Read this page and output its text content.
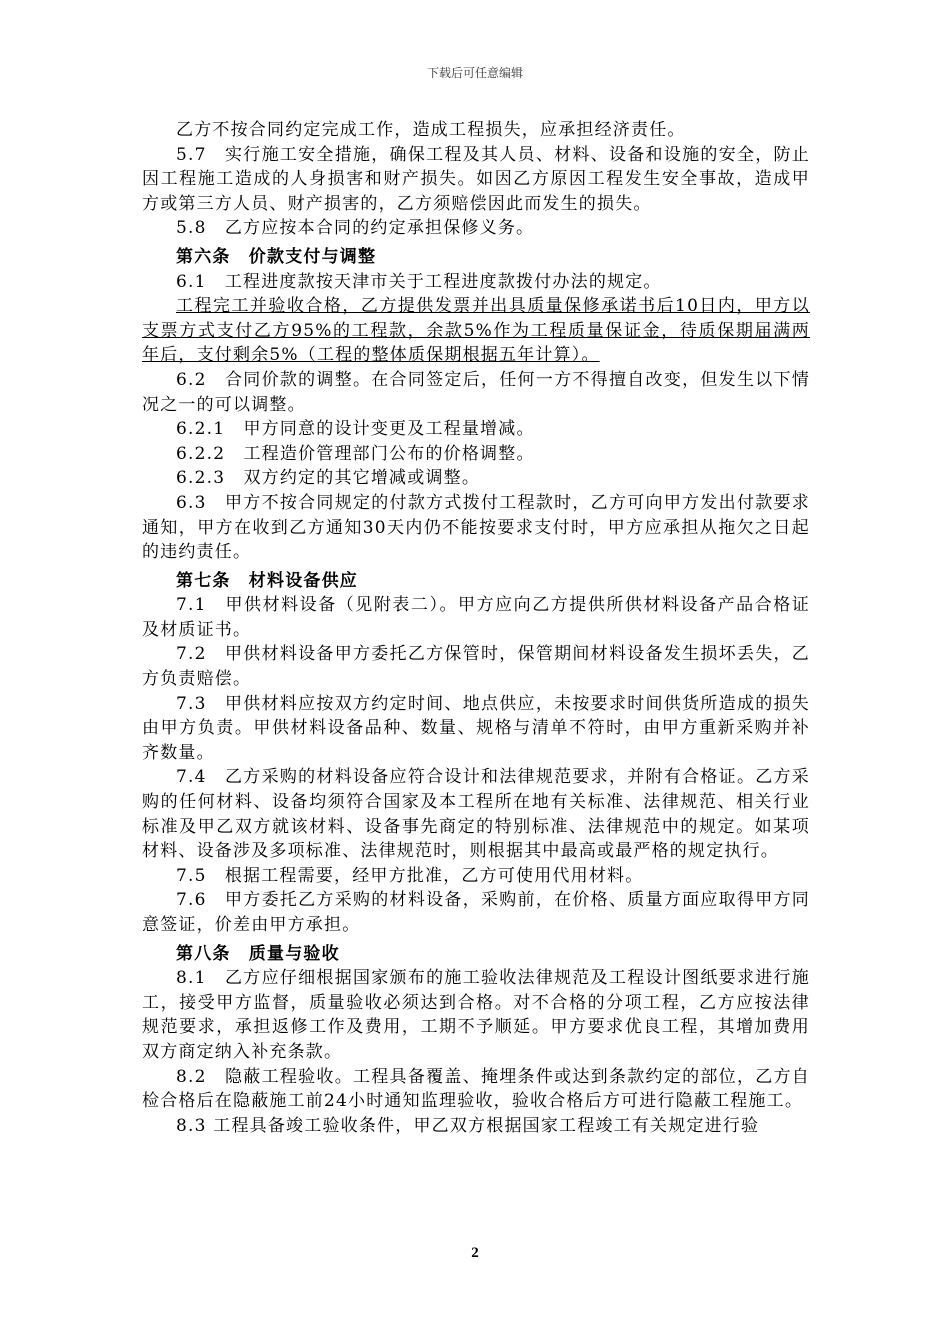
下载后可任意编辑

乙方不按合同约定完成工作，造成工程损失，应承担经济责任。

5.7　实行施工安全措施，确保工程及其人员、材料、设备和设施的安全，防止因工程施工造成的人身损害和财产损失。如因乙方原因工程发生安全事故，造成甲方或第三方人员、财产损害的，乙方须赔偿因此而发生的损失。

5.8　乙方应按本合同的约定承担保修义务。

第六条　价款支付与调整

6.1　工程进度款按天津市关于工程进度款拨付办法的规定。

工程完工并验收合格，乙方提供发票并出具质量保修承诺书后10日内，甲方以支票方式支付乙方95%的工程款，余款5%作为工程质量保证金，待质保期届满两年后，支付剩余5%（工程的整体质保期根据五年计算）。

6.2　合同价款的调整。在合同签定后，任何一方不得擅自改变，但发生以下情况之一的可以调整。

6.2.1　甲方同意的设计变更及工程量增减。

6.2.2　工程造价管理部门公布的价格调整。

6.2.3　双方约定的其它增减或调整。

6.3　甲方不按合同规定的付款方式拨付工程款时，乙方可向甲方发出付款要求通知，甲方在收到乙方通知30天内仍不能按要求支付时，甲方应承担从拖欠之日起的违约责任。

第七条　材料设备供应

7.1　甲供材料设备（见附表二）。甲方应向乙方提供所供材料设备产品合格证及材质证书。

7.2　甲供材料设备甲方委托乙方保管时，保管期间材料设备发生损坏丢失，乙方负责赔偿。

7.3　甲供材料应按双方约定时间、地点供应，未按要求时间供货所造成的损失由甲方负责。甲供材料设备品种、数量、规格与清单不符时，由甲方重新采购并补齐数量。

7.4　乙方采购的材料设备应符合设计和法律规范要求，并附有合格证。乙方采购的任何材料、设备均须符合国家及本工程所在地有关标准、法律规范、相关行业标准及甲乙双方就该材料、设备事先商定的特别标准、法律规范中的规定。如某项材料、设备涉及多项标准、法律规范时，则根据其中最高或最严格的规定执行。

7.5　根据工程需要，经甲方批准，乙方可使用代用材料。

7.6　甲方委托乙方采购的材料设备，采购前，在价格、质量方面应取得甲方同意签证，价差由甲方承担。

第八条　质量与验收

8.1　乙方应仔细根据国家颁布的施工验收法律规范及工程设计图纸要求进行施工，接受甲方监督，质量验收必须达到合格。对不合格的分项工程，乙方应按法律规范要求，承担返修工作及费用，工期不予顺延。甲方要求优良工程，其增加费用双方商定纳入补充条款。

8.2　隐蔽工程验收。工程具备覆盖、掩埋条件或达到条款约定的部位，乙方自检合格后在隐蔽施工前24小时通知监理验收，验收合格后方可进行隐蔽工程施工。

8.3 工程具备竣工验收条件，甲乙双方根据国家工程竣工有关规定进行验

2
